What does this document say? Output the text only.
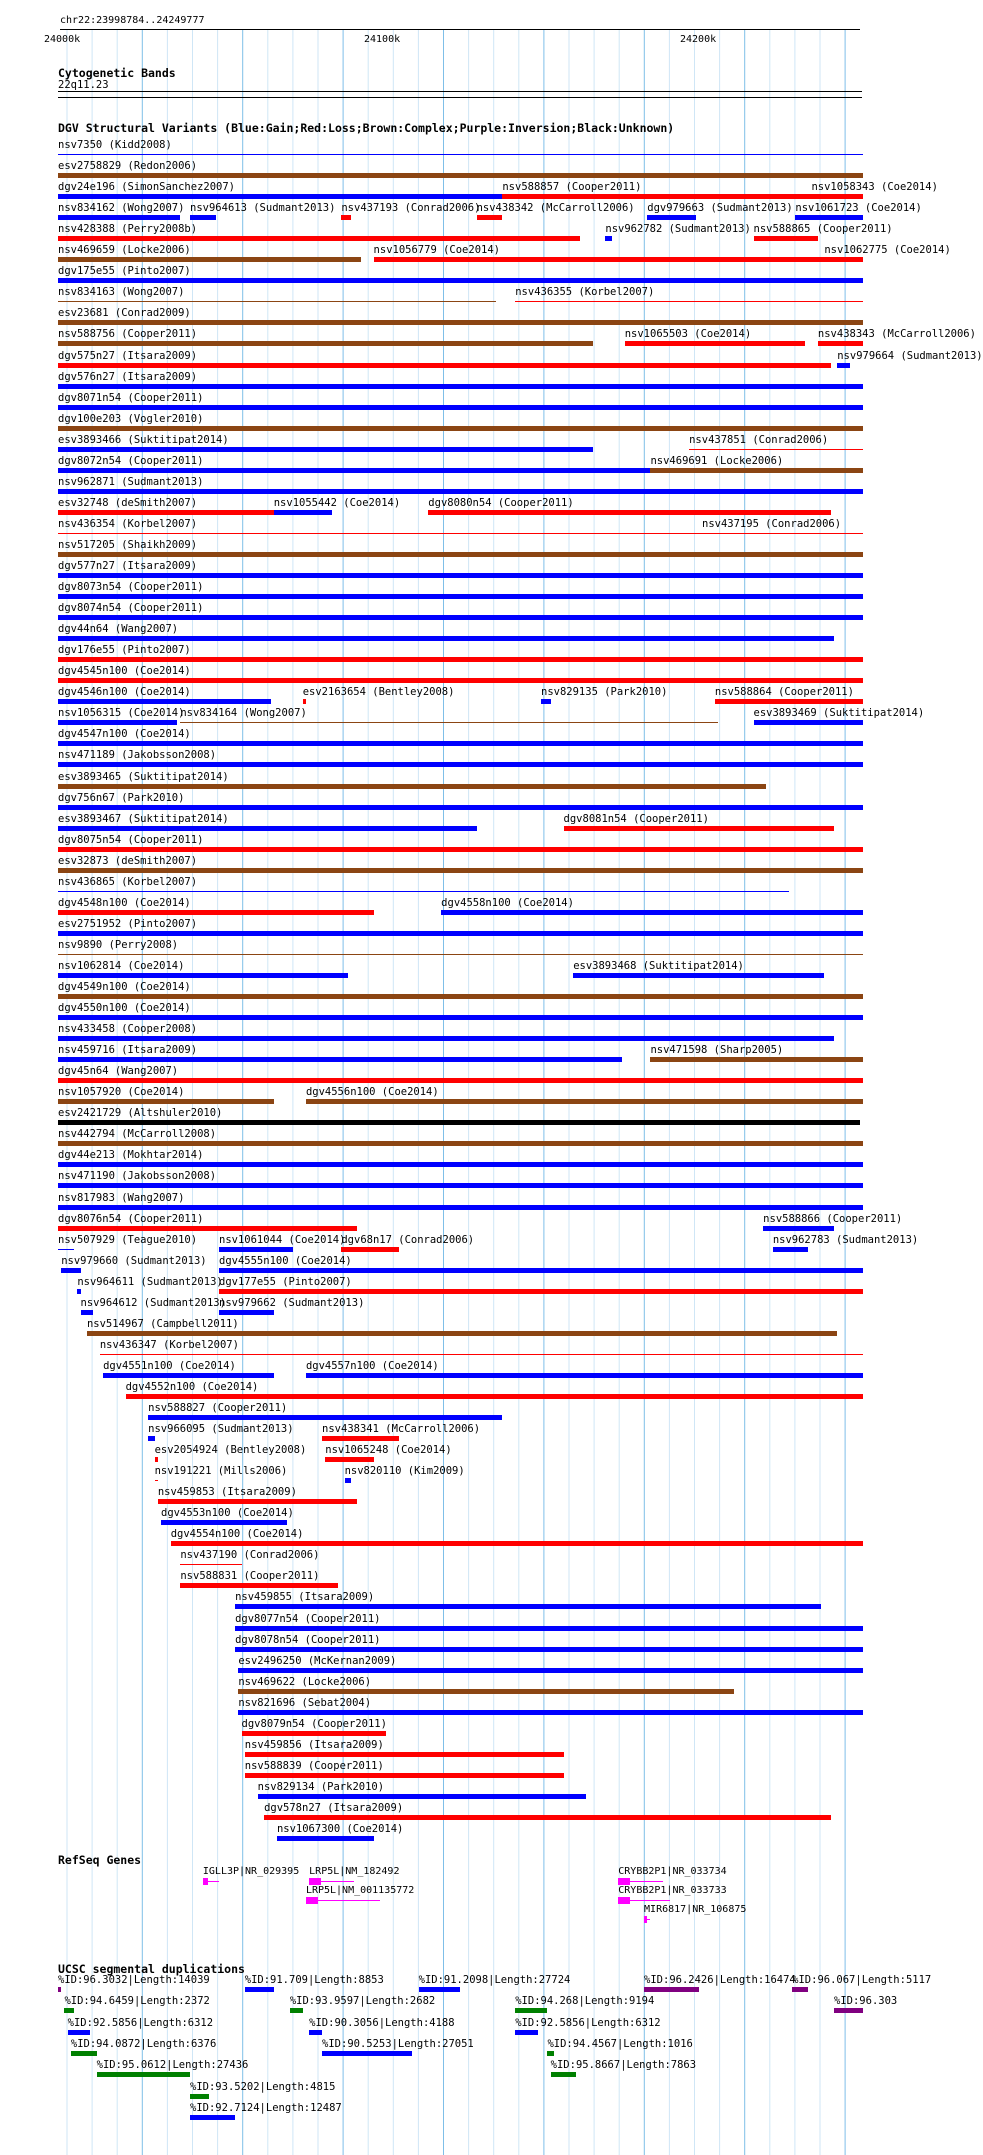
chr22:23998784..24249777
24000k	24100k	24200k
Cytogenetic Bands
22q11.23
DGV Structural Variants (Blue:Gain;Red:Loss;Brown:Complex;Purple:Inversion;Black:Unknown)
nsv7350 (Kidd2008)
esv2758829 (Redon2006)
dgv24e196 (SimonSanchez2007)	nsv588857 (Cooper2011)	nsv1058343 (Coe2014)
nsv834162 (Wong2007) nsv964613 (Sudmant2013) nsv437193 (Conrad2006)
nsv438342 (McCarroll2006) dgv979663 (Sudmant2013) nsv1061723 (Coe2014)
nsv428388 (Perry2008b)	nsv962782 (Sudmant2013) nsv588865 (Cooper2011)
nsv469659 (Locke2006)	nsv1056779 (Coe2014)	nsv1062775 (Coe2014)
dgv175e55 (Pinto2007)
nsv834163 (Wong2007)	nsv436355 (Korbel2007)
esv23681 (Conrad2009)
nsv588756 (Cooper2011)	nsv1065503 (Coe2014)	nsv438343 (McCarroll2006)
dgv575n27 (Itsara2009)	nsv979664 (Sudmant2013)
dgv576n27 (Itsara2009)
dgv8071n54 (Cooper2011)
dgv100e203 (Vogler2010)
esv3893466 (Suktitipat2014)	nsv437851 (Conrad2006)
dgv8072n54 (Cooper2011)	nsv469691 (Locke2006)
nsv962871 (Sudmant2013)
esv32748 (deSmith2007)	nsv1055442 (Coe2014)	dgv8080n54 (Cooper2011)
nsv436354 (Korbel2007)	nsv437195 (Conrad2006)
nsv517205 (Shaikh2009)
dgv577n27 (Itsara2009)
dgv8073n54 (Cooper2011)
dgv8074n54 (Cooper2011)
dgv44n64 (Wang2007)
dgv176e55 (Pinto2007)
dgv4545n100 (Coe2014)
dgv4546n100 (Coe2014)	esv2163654 (Bentley2008)	nsv829135 (Park2010)	nsv588864 (Cooper2011)
nsv1056315 (Coe2014)
nsv834164 (Wong2007)	esv3893469 (Suktitipat2014)
dgv4547n100 (Coe2014)
nsv471189 (Jakobsson2008)
esv3893465 (Suktitipat2014)
dgv756n67 (Park2010)
esv3893467 (Suktitipat2014)	dgv8081n54 (Cooper2011)
dgv8075n54 (Cooper2011)
esv32873 (deSmith2007)
nsv436865 (Korbel2007)
dgv4548n100 (Coe2014)	dgv4558n100 (Coe2014)
esv2751952 (Pinto2007)
nsv9890 (Perry2008)
nsv1062814 (Coe2014)	esv3893468 (Suktitipat2014)
dgv4549n100 (Coe2014)
dgv4550n100 (Coe2014)
nsv433458 (Cooper2008)
nsv459716 (Itsara2009)	nsv471598 (Sharp2005)
dgv45n64 (Wang2007)
nsv1057920 (Coe2014)	dgv4556n100 (Coe2014)
esv2421729 (Altshuler2010)
nsv442794 (McCarroll2008)
dgv44e213 (Mokhtar2014)
nsv471190 (Jakobsson2008)
nsv817983 (Wang2007)
dgv8076n54 (Cooper2011)	nsv588866 (Cooper2011)
nsv507929 (Teague2010) nsv1061044 (Coe2014)
dgv68n17 (Conrad2006)	nsv962783 (Sudmant2013)
nsv979660 (Sudmant2013) dgv4555n100 (Coe2014)
nsv964611 (Sudmant2013)
dgv177e55 (Pinto2007)
nsv964612 (Sudmant2013)
nsv979662 (Sudmant2013)
nsv514967 (Campbell2011)
nsv436347 (Korbel2007)
dgv4551n100 (Coe2014)	dgv4557n100 (Coe2014)
dgv4552n100 (Coe2014)
nsv588827 (Cooper2011)
nsv966095 (Sudmant2013)	nsv438341 (McCarroll2006)
esv2054924 (Bentley2008) nsv1065248 (Coe2014)
nsv191221 (Mills2006)	nsv820110 (Kim2009)
nsv459853 (Itsara2009)
dgv4553n100 (Coe2014)
dgv4554n100 (Coe2014)
nsv437190 (Conrad2006)
nsv588831 (Cooper2011)
nsv459855 (Itsara2009)
dgv8077n54 (Cooper2011)
dgv8078n54 (Cooper2011)
esv2496250 (McKernan2009)
nsv469622 (Locke2006)
nsv821696 (Sebat2004)
dgv8079n54 (Cooper2011)
nsv459856 (Itsara2009)
nsv588839 (Cooper2011)
nsv829134 (Park2010)
dgv578n27 (Itsara2009)
nsv1067300 (Coe2014)
RefSeq Genes
IGLL3P|NR_029395 LRP5L|NM_182492
LRP5L|NM_001135772
CRYBB2P1|NR_033734
CRYBB2P1|NR_033733
MIR6817|NR_106875
UCSC segmental duplications
%ID:96.3032|Length:14039	%ID:91.709|Length:8853	%ID:91.2098|Length:27724	%ID:96.2426|Length:16474
%ID:96.067|Length:5117
%ID:96.303
%ID:94.6459|Length:2372	%ID:93.9597|Length:2682	%ID:94.268|Length:9194
%ID:92.5856|Length:6312	%ID:90.3056|Length:4188	%ID:92.5856|Length:6312
%ID:94.0872|Length:6376	%ID:90.5253|Length:27051	%ID:94.4567|Length:1016
%ID:95.0612|Length:27436	%ID:95.8667|Length:7863
%ID:93.5202|Length:4815
%ID:92.7124|Length:12487
